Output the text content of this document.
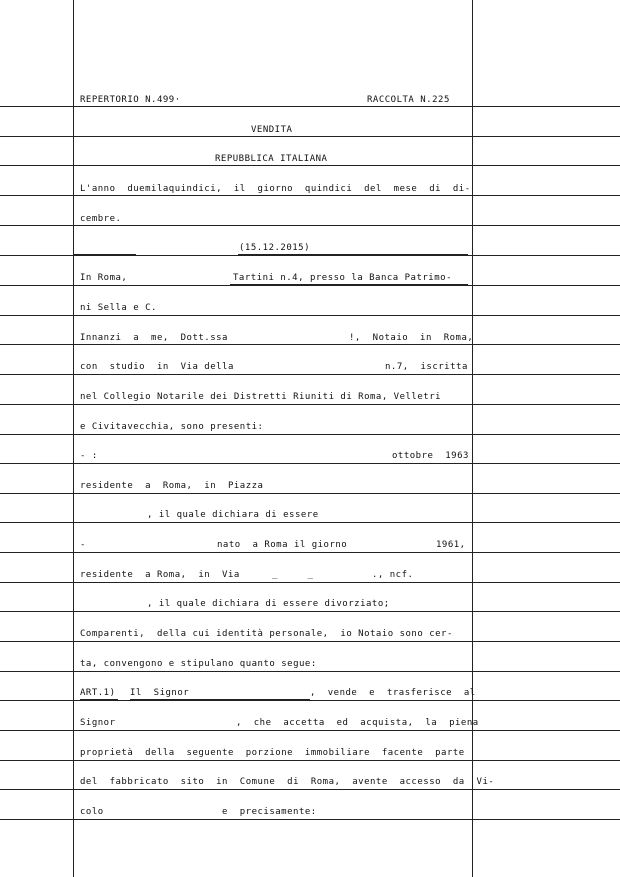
REPERTORIO N.499·	RACCOLTA N.225
VENDITA
REPUBBLICA ITALIANA
L'anno  duemilaquindici,  il  giorno  quindici  del  mese  di  di-
cembre.
(15.12.2015)
In Roma,	Tartini n.4, presso la Banca Patrimo-
ni Sella e C.
Innanzi  a  me,  Dott.ssa	!,  Notaio  in  Roma,
con  studio  in  Via della	n.7,  iscritta
nel Collegio Notarile dei Distretti Riuniti di Roma, Velletri
e Civitavecchia, sono presenti:
- :	ottobre  1963
residente  a  Roma,  in  Piazza
, il quale dichiara di essere
-	nato  a Roma il giorno	1961,
residente  a Roma,  in  Via	_     _	., ncf.
, il quale dichiara di essere divorziato;
Comparenti,  della cui identità personale,  io Notaio sono cer-
ta, convengono e stipulano quanto segue:
ART.1) Il  Signor	,  vende  e  trasferisce  al
Signor	,  che  accetta  ed  acquista,  la  piena
proprietà  della  seguente  porzione  immobiliare  facente  parte
del  fabbricato  sito  in  Comune  di  Roma,  avente  accesso  da  Vi-
colo	e  precisamente:
